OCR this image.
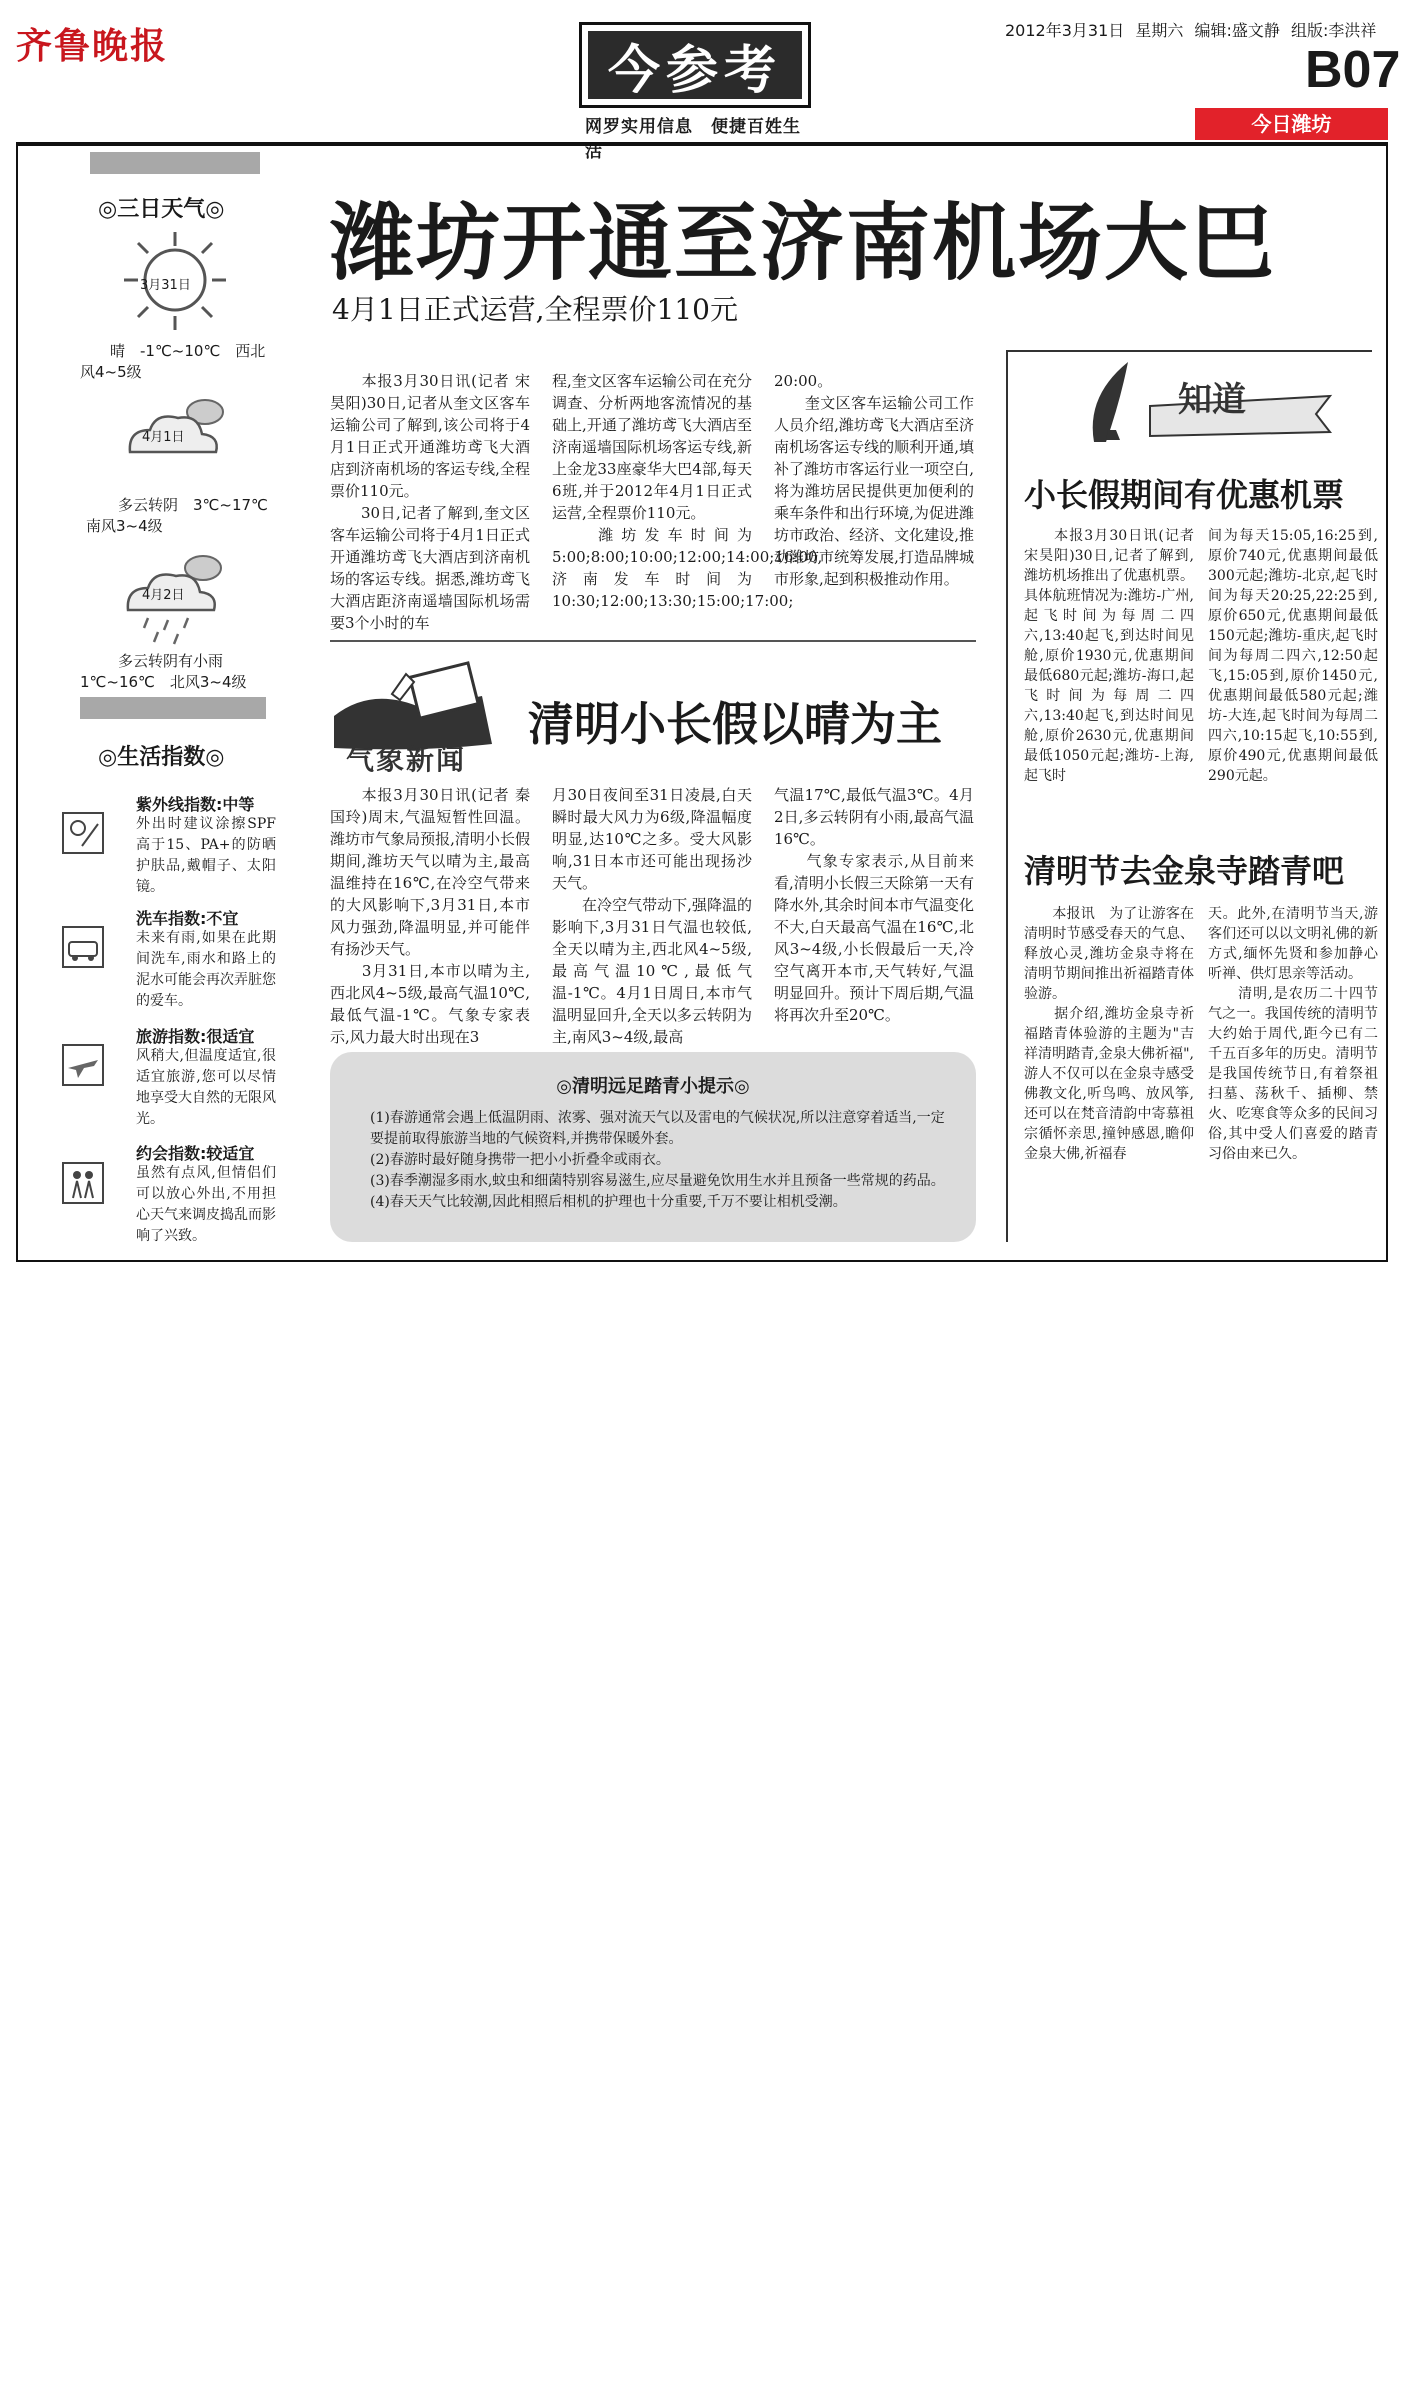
齐鲁晚报	今参考
网罗实用信息　便捷百姓生活
2012年3月31日 星期六 编辑:盛文静 组版:李洪祥
B07
今日潍坊
◎三日天气◎
3月31日
晴　-1℃~10℃　西北
风4~5级
4月1日
多云转阴　3℃~17℃
南风3~4级
4月2日
多云转阴有小雨
1℃~16℃　北风3~4级
◎生活指数◎
紫外线指数:中等
外出时建议涂擦SPF高于15、PA+的防晒护肤品,戴帽子、太阳镜。
洗车指数:不宜
未来有雨,如果在此期间洗车,雨水和路上的泥水可能会再次弄脏您的爱车。
旅游指数:很适宜
风稍大,但温度适宜,很适宜旅游,您可以尽情地享受大自然的无限风光。
约会指数:较适宜
虽然有点风,但情侣们可以放心外出,不用担心天气来调皮捣乱而影响了兴致。
潍坊开通至济南机场大巴
4月1日正式运营,全程票价110元
　　本报3月30日讯(记者 宋昊阳)30日,记者从奎文区客车运输公司了解到,该公司将于4月1日正式开通潍坊鸢飞大酒店到济南机场的客运专线,全程票价110元。
　　30日,记者了解到,奎文区客车运输公司将于4月1日正式开通潍坊鸢飞大酒店到济南机场的客运专线。据悉,潍坊鸢飞大酒店距济南遥墙国际机场需要3个小时的车
程,奎文区客车运输公司在充分调查、分析两地客流情况的基础上,开通了潍坊鸢飞大酒店至济南遥墙国际机场客运专线,新上金龙33座豪华大巴4部,每天6班,并于2012年4月1日正式运营,全程票价110元。
　　潍坊发车时间为5:00;8:00;10:00;12:00;14:00;16:00,济南发车时间为10:30;12:00;13:30;15:00;17:00;
20:00。
　　奎文区客车运输公司工作人员介绍,潍坊鸢飞大酒店至济南机场客运专线的顺利开通,填补了潍坊市客运行业一项空白,将为潍坊居民提供更加便利的乘车条件和出行环境,为促进潍坊市政治、经济、文化建设,推动潍坊市统筹发展,打造品牌城市形象,起到积极推动作用。
气象新闻
清明小长假以晴为主
　　本报3月30日讯(记者 秦国玲)周末,气温短暂性回温。潍坊市气象局预报,清明小长假期间,潍坊天气以晴为主,最高温维持在16℃,在冷空气带来的大风影响下,3月31日,本市风力强劲,降温明显,并可能伴有扬沙天气。
　　3月31日,本市以晴为主,西北风4~5级,最高气温10℃,最低气温-1℃。气象专家表示,风力最大时出现在3
月30日夜间至31日凌晨,白天瞬时最大风力为6级,降温幅度明显,达10℃之多。受大风影响,31日本市还可能出现扬沙天气。
　　在冷空气带动下,强降温的影响下,3月31日气温也较低,全天以晴为主,西北风4~5级,最高气温10℃,最低气温-1℃。4月1日周日,本市气温明显回升,全天以多云转阴为主,南风3~4级,最高
气温17℃,最低气温3℃。4月2日,多云转阴有小雨,最高气温16℃。
　　气象专家表示,从目前来看,清明小长假三天除第一天有降水外,其余时间本市气温变化不大,白天最高气温在16℃,北风3~4级,小长假最后一天,冷空气离开本市,天气转好,气温明显回升。预计下周后期,气温将再次升至20℃。
◎清明远足踏青小提示◎
(1)春游通常会遇上低温阴雨、浓雾、强对流天气以及雷电的气候状况,所以注意穿着适当,一定要提前取得旅游当地的气候资料,并携带保暖外套。
(2)春游时最好随身携带一把小小折叠伞或雨衣。
(3)春季潮湿多雨水,蚊虫和细菌特别容易滋生,应尽量避免饮用生水并且预备一些常规的药品。
(4)春天天气比较潮,因此相照后相机的护理也十分重要,千万不要让相机受潮。
知道
小长假期间有优惠机票
　　本报3月30日讯(记者 宋昊阳)30日,记者了解到,潍坊机场推出了优惠机票。具体航班情况为:潍坊-广州,起飞时间为每周二四六,13:40起飞,到达时间见舱,原价1930元,优惠期间最低680元起;潍坊-海口,起飞时间为每周二四六,13:40起飞,到达时间见舱,原价2630元,优惠期间最低1050元起;潍坊-上海,起飞时
间为每天15:05,16:25到,原价740元,优惠期间最低300元起;潍坊-北京,起飞时间为每天20:25,22:25到,原价650元,优惠期间最低150元起;潍坊-重庆,起飞时间为每周二四六,12:50起飞,15:05到,原价1450元,优惠期间最低580元起;潍坊-大连,起飞时间为每周二四六,10:15起飞,10:55到,原价490元,优惠期间最低290元起。
清明节去金泉寺踏青吧
　　本报讯　为了让游客在清明时节感受春天的气息、释放心灵,潍坊金泉寺将在清明节期间推出祈福踏青体验游。
　　据介绍,潍坊金泉寺祈福踏青体验游的主题为"吉祥清明踏青,金泉大佛祈福",游人不仅可以在金泉寺感受佛教文化,听鸟鸣、放风筝,还可以在梵音清韵中寄慕祖宗循怀亲思,撞钟感恩,瞻仰金泉大佛,祈福春
天。此外,在清明节当天,游客们还可以以文明礼佛的新方式,缅怀先贤和参加静心听禅、供灯思亲等活动。
　　清明,是农历二十四节气之一。我国传统的清明节大约始于周代,距今已有二千五百多年的历史。清明节是我国传统节日,有着祭祖扫墓、荡秋千、插柳、禁火、吃寒食等众多的民间习俗,其中受人们喜爱的踏青习俗由来已久。
